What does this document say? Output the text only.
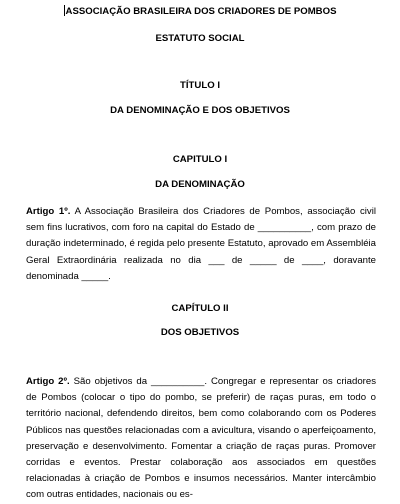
ASSOCIAÇÃO BRASILEIRA DOS CRIADORES DE POMBOS
ESTATUTO SOCIAL
TÍTULO I
DA DENOMINAÇÃO E DOS OBJETIVOS
CAPITULO I
DA DENOMINAÇÃO
Artigo 1º. A Associação Brasileira dos Criadores de Pombos, associação civil sem fins lucrativos, com foro na capital do Estado de __________, com prazo de duração indeterminado, é regida pelo presente Estatuto, aprovado em Assembléia Geral Extraordinária realizada no dia ___ de _____ de ____, doravante denominada _____.
CAPÍTULO II
DOS OBJETIVOS
Artigo 2º. São objetivos da __________. Congregar e representar os criadores de Pombos (colocar o tipo do pombo, se preferir) de raças puras, em todo o território nacional, defendendo direitos, bem como colaborando com os Poderes Públicos nas questões relacionadas com a avicultura, visando o aperfeiçoamento, preservação e desenvolvimento. Fomentar a criação de raças puras. Promover corridas e eventos. Prestar colaboração aos associados em questões relacionadas à criação de Pombos e insumos necessários. Manter intercâmbio com outras entidades, nacionais ou es-
